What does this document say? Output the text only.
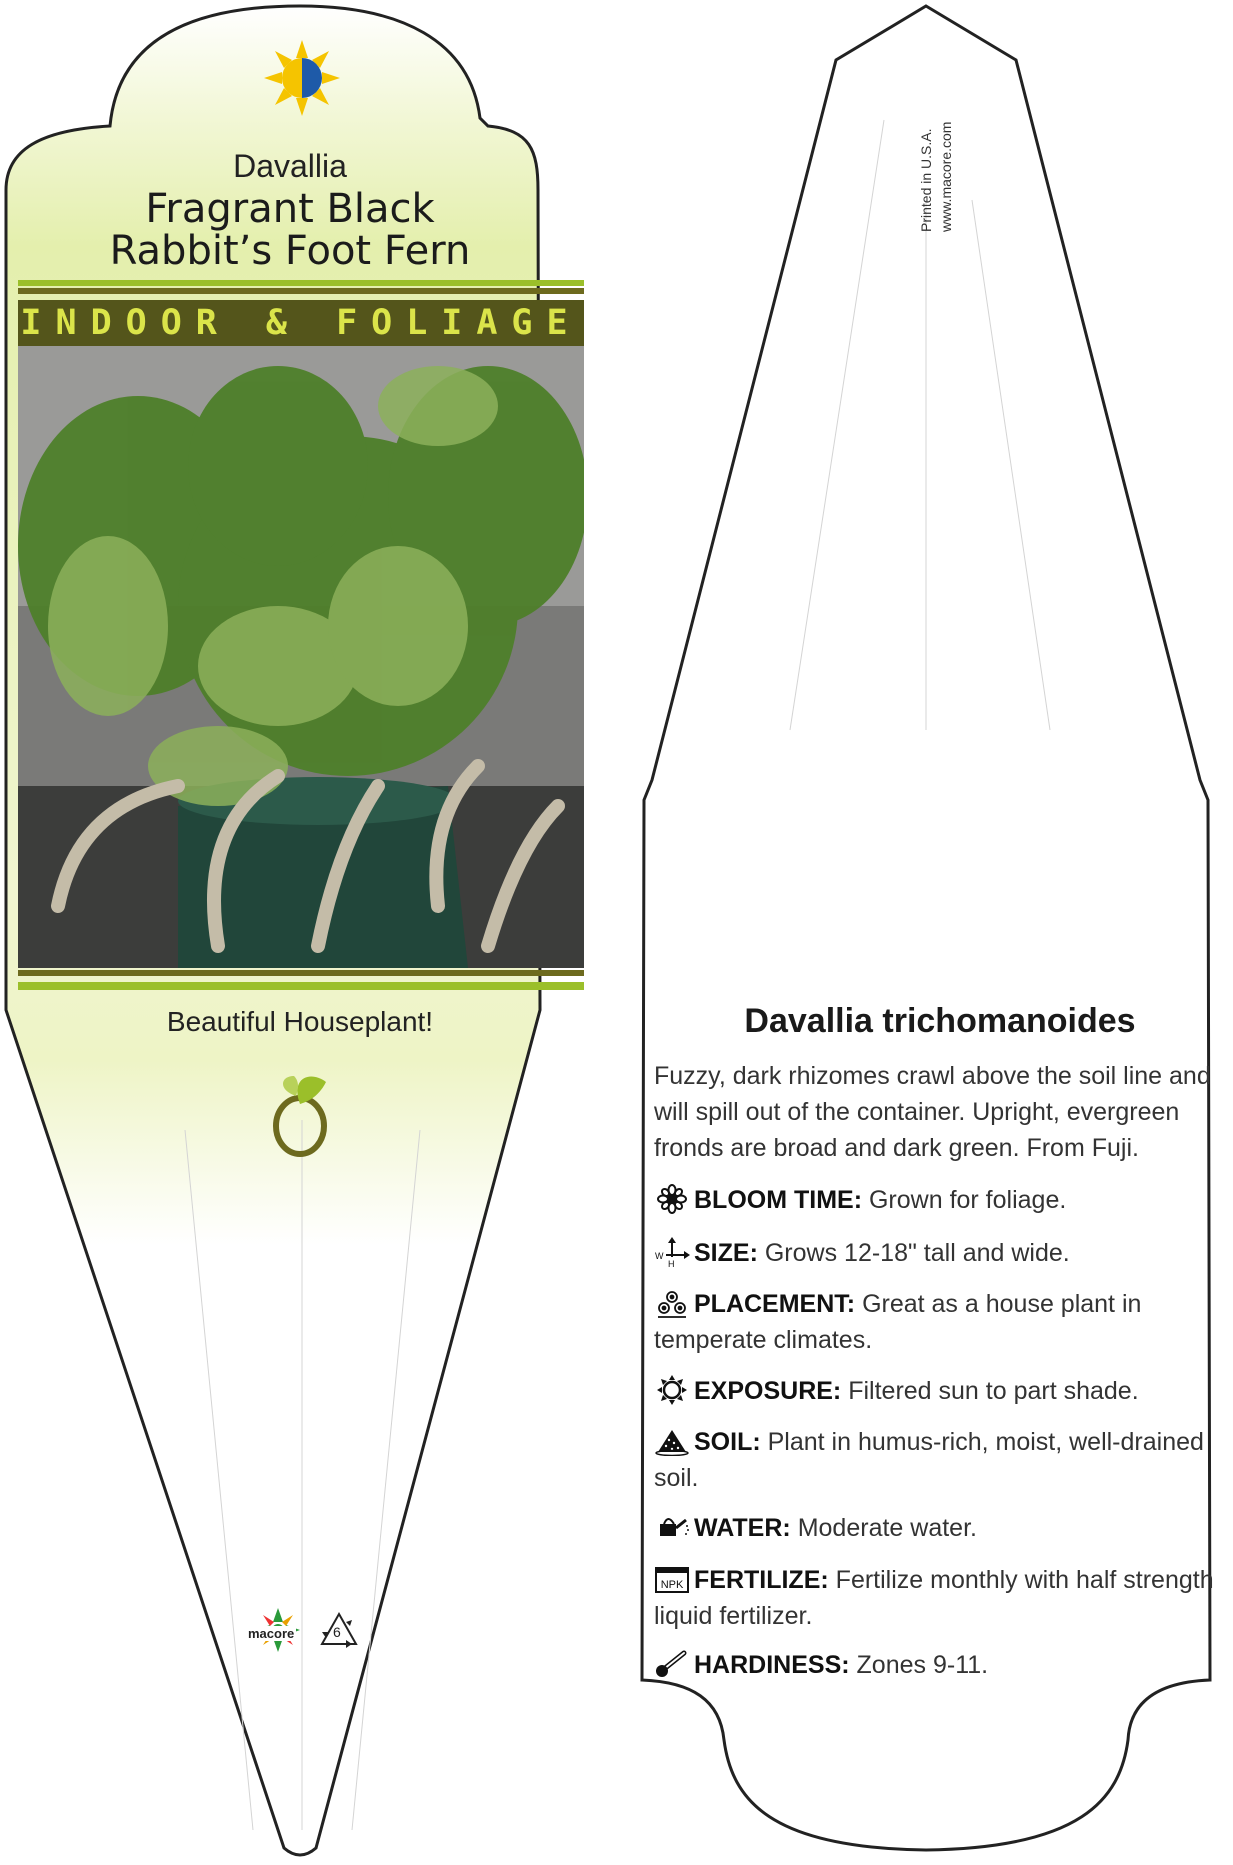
Davallia
Fragrant Black
Rabbit’s Foot Fern
INDOOR & FOLIAGE
Beautiful Houseplant!
macore	6
Printed in U.S.A. www.macore.com
Davallia trichomanoides
Fuzzy, dark rhizomes crawl above the soil line and will spill out of the container. Upright, evergreen fronds are broad and dark green. From Fuji.
BLOOM TIME: Grown for foliage.
W
H SIZE: Grows 12-18" tall and wide.
PLACEMENT: Great as a house plant in temperate climates.
EXPOSURE: Filtered sun to part shade.
SOIL: Plant in humus-rich, moist, well-drained soil.
WATER: Moderate water.
NPK FERTILIZE: Fertilize monthly with half strength liquid fertilizer.
HARDINESS: Zones 9-11.
